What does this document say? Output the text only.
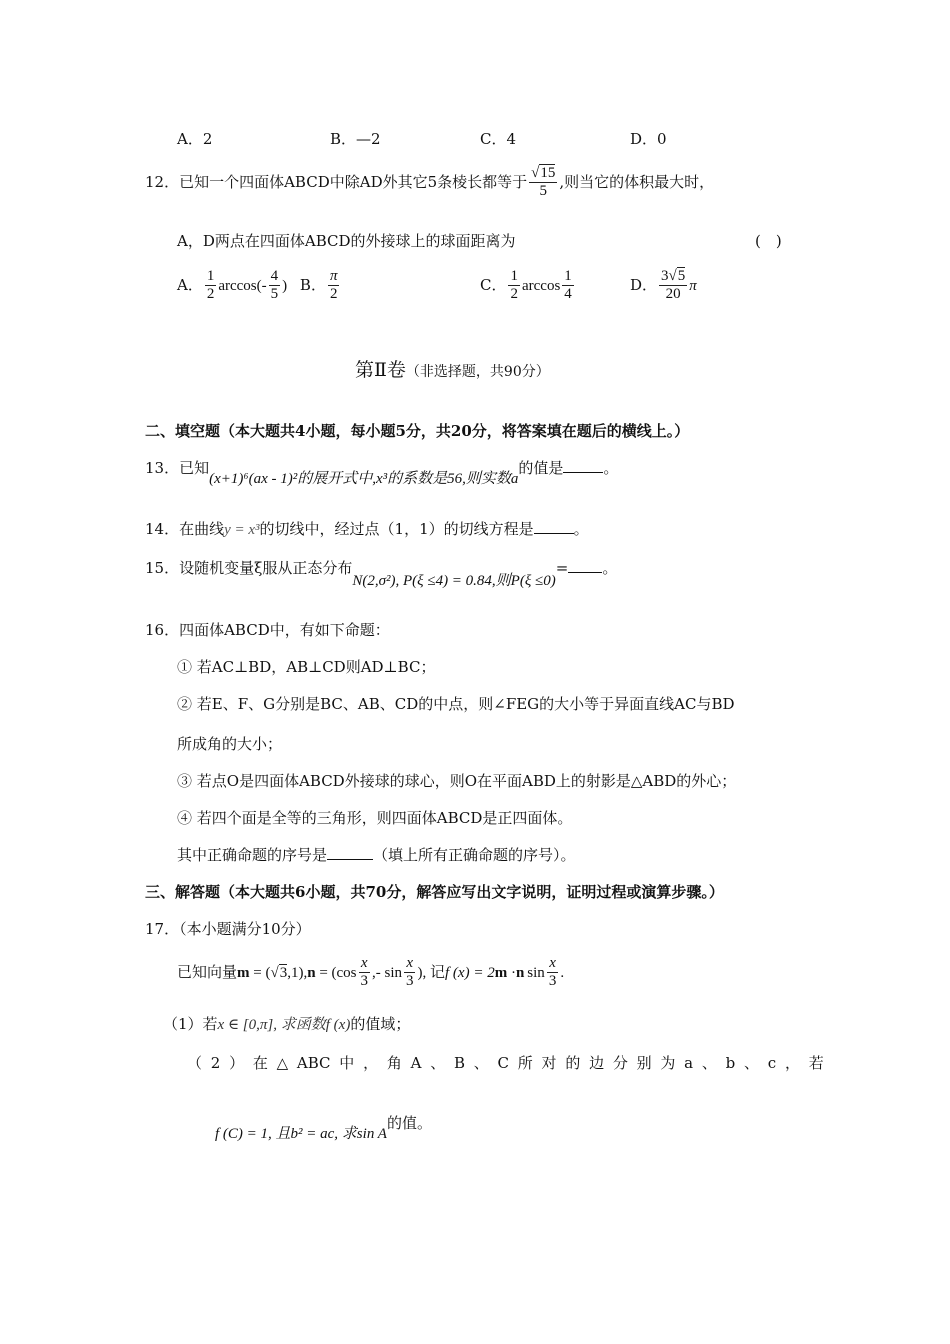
A．2	B．—2	C．4	D．0
12．已知一个四面体ABCD中除AD外其它5条棱长都等于 $\frac{√15}{5}$ ,则当它的体积最大时，
A，D两点在四面体ABCD的外接球上的球面距离为	(　)
A． $\frac{1}{2} \arccos(- \frac{4}{5}$ ) B． $\frac{\pi}{2}$	C． $\frac{1}{2}$ $\arccos \frac{1}{4}$	D． $\frac{3√5}{20}$ π
第Ⅱ卷（非选择题，共90分）
二、填空题（本大题共4小题，每小题5分，共20分，将答案填在题后的横线上。）
13．已知(x+1)⁶(ax - 1)²的展开式中,x³的系数是56,则实数a的值是	。
14．在曲线y = x³的切线中，经过点（1，1）的切线方程是	。
15．设随机变量ξ服从正态分布N(2,σ²), P(ξ ≤4) = 0.84,则P(ξ ≤0)= 。
16．四面体ABCD中，有如下命题：
① 若AC⊥BD，AB⊥CD则AD⊥BC；
② 若E、F、G分别是BC、AB、CD的中点，则∠FEG的大小等于异面直线AC与BD
所成角的大小；
③ 若点O是四面体ABCD外接球的球心，则O在平面ABD上的射影是△ABD的外心；
④ 若四个面是全等的三角形，则四面体ABCD是正四面体。
其中正确命题的序号是	（填上所有正确命题的序号）。
三、解答题（本大题共6小题，共70分，解答应写出文字说明，证明过程或演算步骤。）
17．（本小题满分10分）
已知向量$m = (√3,1),n = (\cos \frac{x}{3}$ ,- $\sin \frac{x}{3}$ ), 记f (x) = 2m ·n $\sin \frac{x}{3}$ .
（1）若x ∈ [0,π], 求函数f (x)的值域；
（ 2 ） 在 △ ABC 中 ， 角 A 、 B 、 C 所 对 的 边 分 别 为 a 、 b 、 c ， 若
f (C) = 1, 且b² = ac, 求sin A的值。
